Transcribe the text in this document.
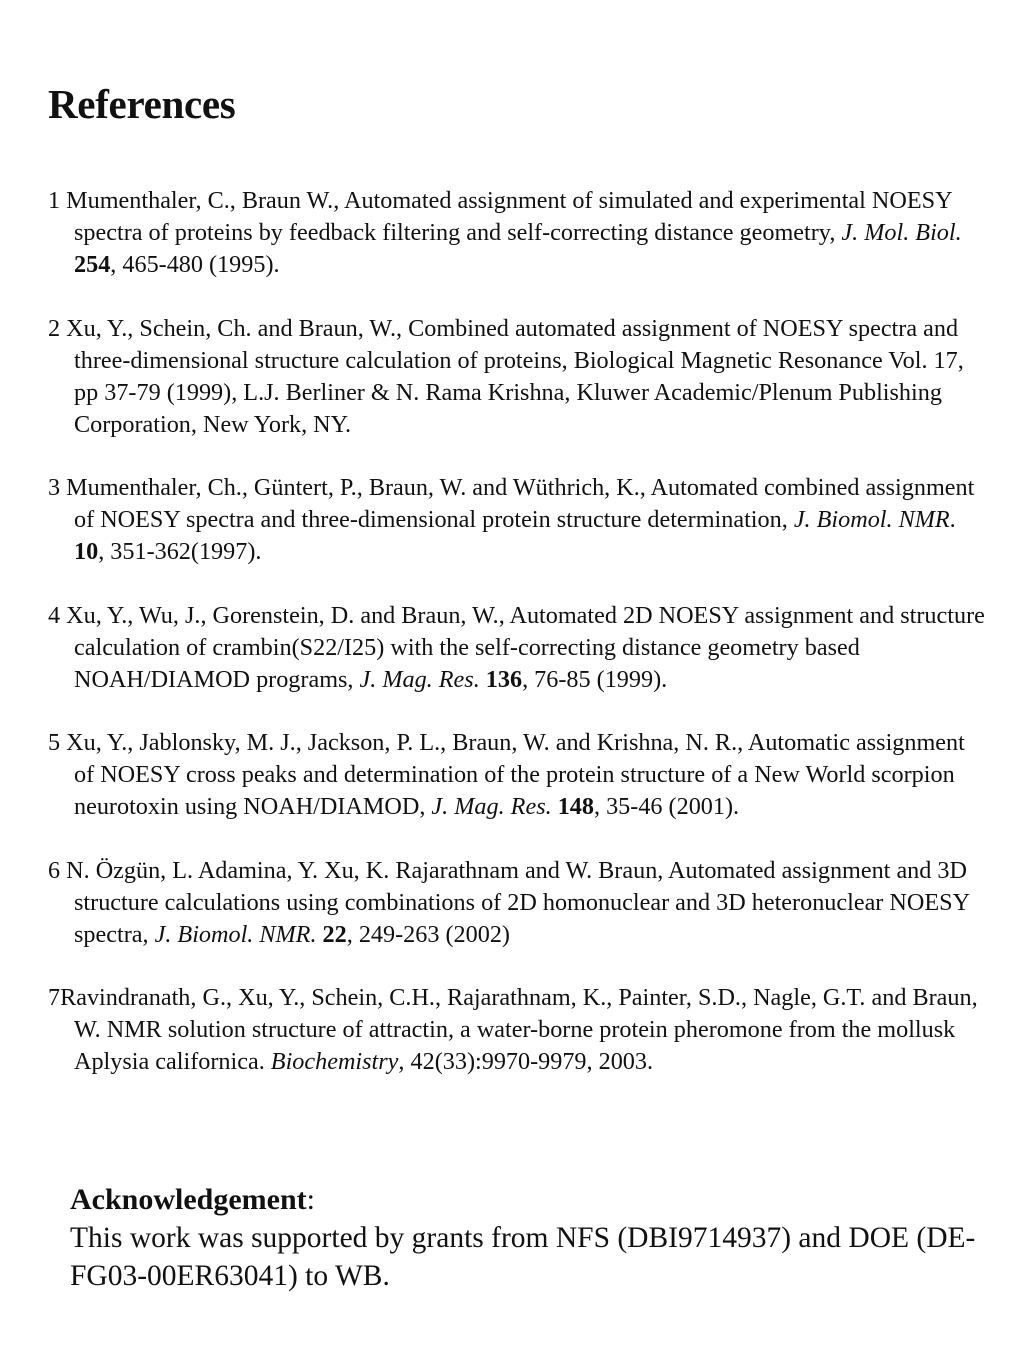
References
1 Mumenthaler, C., Braun W., Automated assignment of simulated and experimental NOESY spectra of proteins by feedback filtering and self-correcting distance geometry, J. Mol. Biol. 254, 465-480 (1995).
2 Xu, Y., Schein, Ch. and Braun, W., Combined automated assignment of NOESY spectra and three-dimensional structure calculation of proteins, Biological Magnetic Resonance Vol. 17, pp 37-79 (1999), L.J. Berliner & N. Rama Krishna, Kluwer Academic/Plenum Publishing Corporation, New York, NY.
3 Mumenthaler, Ch., Güntert, P., Braun, W. and Wüthrich, K., Automated combined assignment of NOESY spectra and three-dimensional protein structure determination, J. Biomol. NMR. 10, 351-362(1997).
4 Xu, Y., Wu, J., Gorenstein, D. and Braun, W., Automated 2D NOESY assignment and structure calculation of crambin(S22/I25) with the self-correcting distance geometry based NOAH/DIAMOD programs, J. Mag. Res. 136, 76-85 (1999).
5 Xu, Y., Jablonsky, M. J., Jackson, P. L., Braun, W. and Krishna, N. R., Automatic assignment of NOESY cross peaks and determination of the protein structure of a New World scorpion neurotoxin using NOAH/DIAMOD, J. Mag. Res. 148, 35-46 (2001).
6 N. Özgün, L. Adamina, Y. Xu, K. Rajarathnam and W. Braun, Automated assignment and 3D structure calculations using combinations of 2D homonuclear and 3D heteronuclear NOESY spectra, J. Biomol. NMR. 22, 249-263 (2002)
7Ravindranath, G., Xu, Y., Schein, C.H., Rajarathnam, K., Painter, S.D., Nagle, G.T. and Braun, W. NMR solution structure of attractin, a water-borne protein pheromone from the mollusk Aplysia californica. Biochemistry, 42(33):9970-9979, 2003.

Acknowledgement:

This work was supported by grants from NFS (DBI9714937) and DOE (DE-FG03-00ER63041) to WB.
